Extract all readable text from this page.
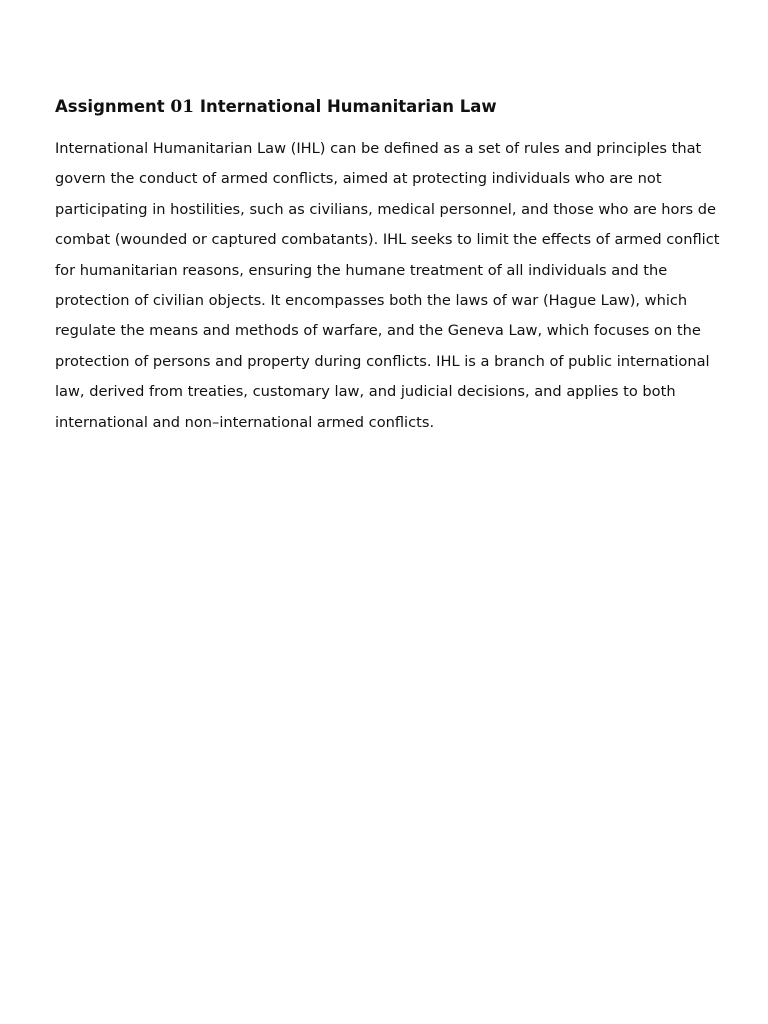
Assignment 01 International Humanitarian Law
International Humanitarian Law (IHL) can be defined as a set of rules and principles that
govern the conduct of armed conflicts, aimed at protecting individuals who are not
participating in hostilities, such as civilians, medical personnel, and those who are hors de
combat (wounded or captured combatants). IHL seeks to limit the effects of armed conflict
for humanitarian reasons, ensuring the humane treatment of all individuals and the
protection of civilian objects. It encompasses both the laws of war (Hague Law), which
regulate the means and methods of warfare, and the Geneva Law, which focuses on the
protection of persons and property during conflicts. IHL is a branch of public international
law, derived from treaties, customary law, and judicial decisions, and applies to both
international and non–international armed conflicts.
